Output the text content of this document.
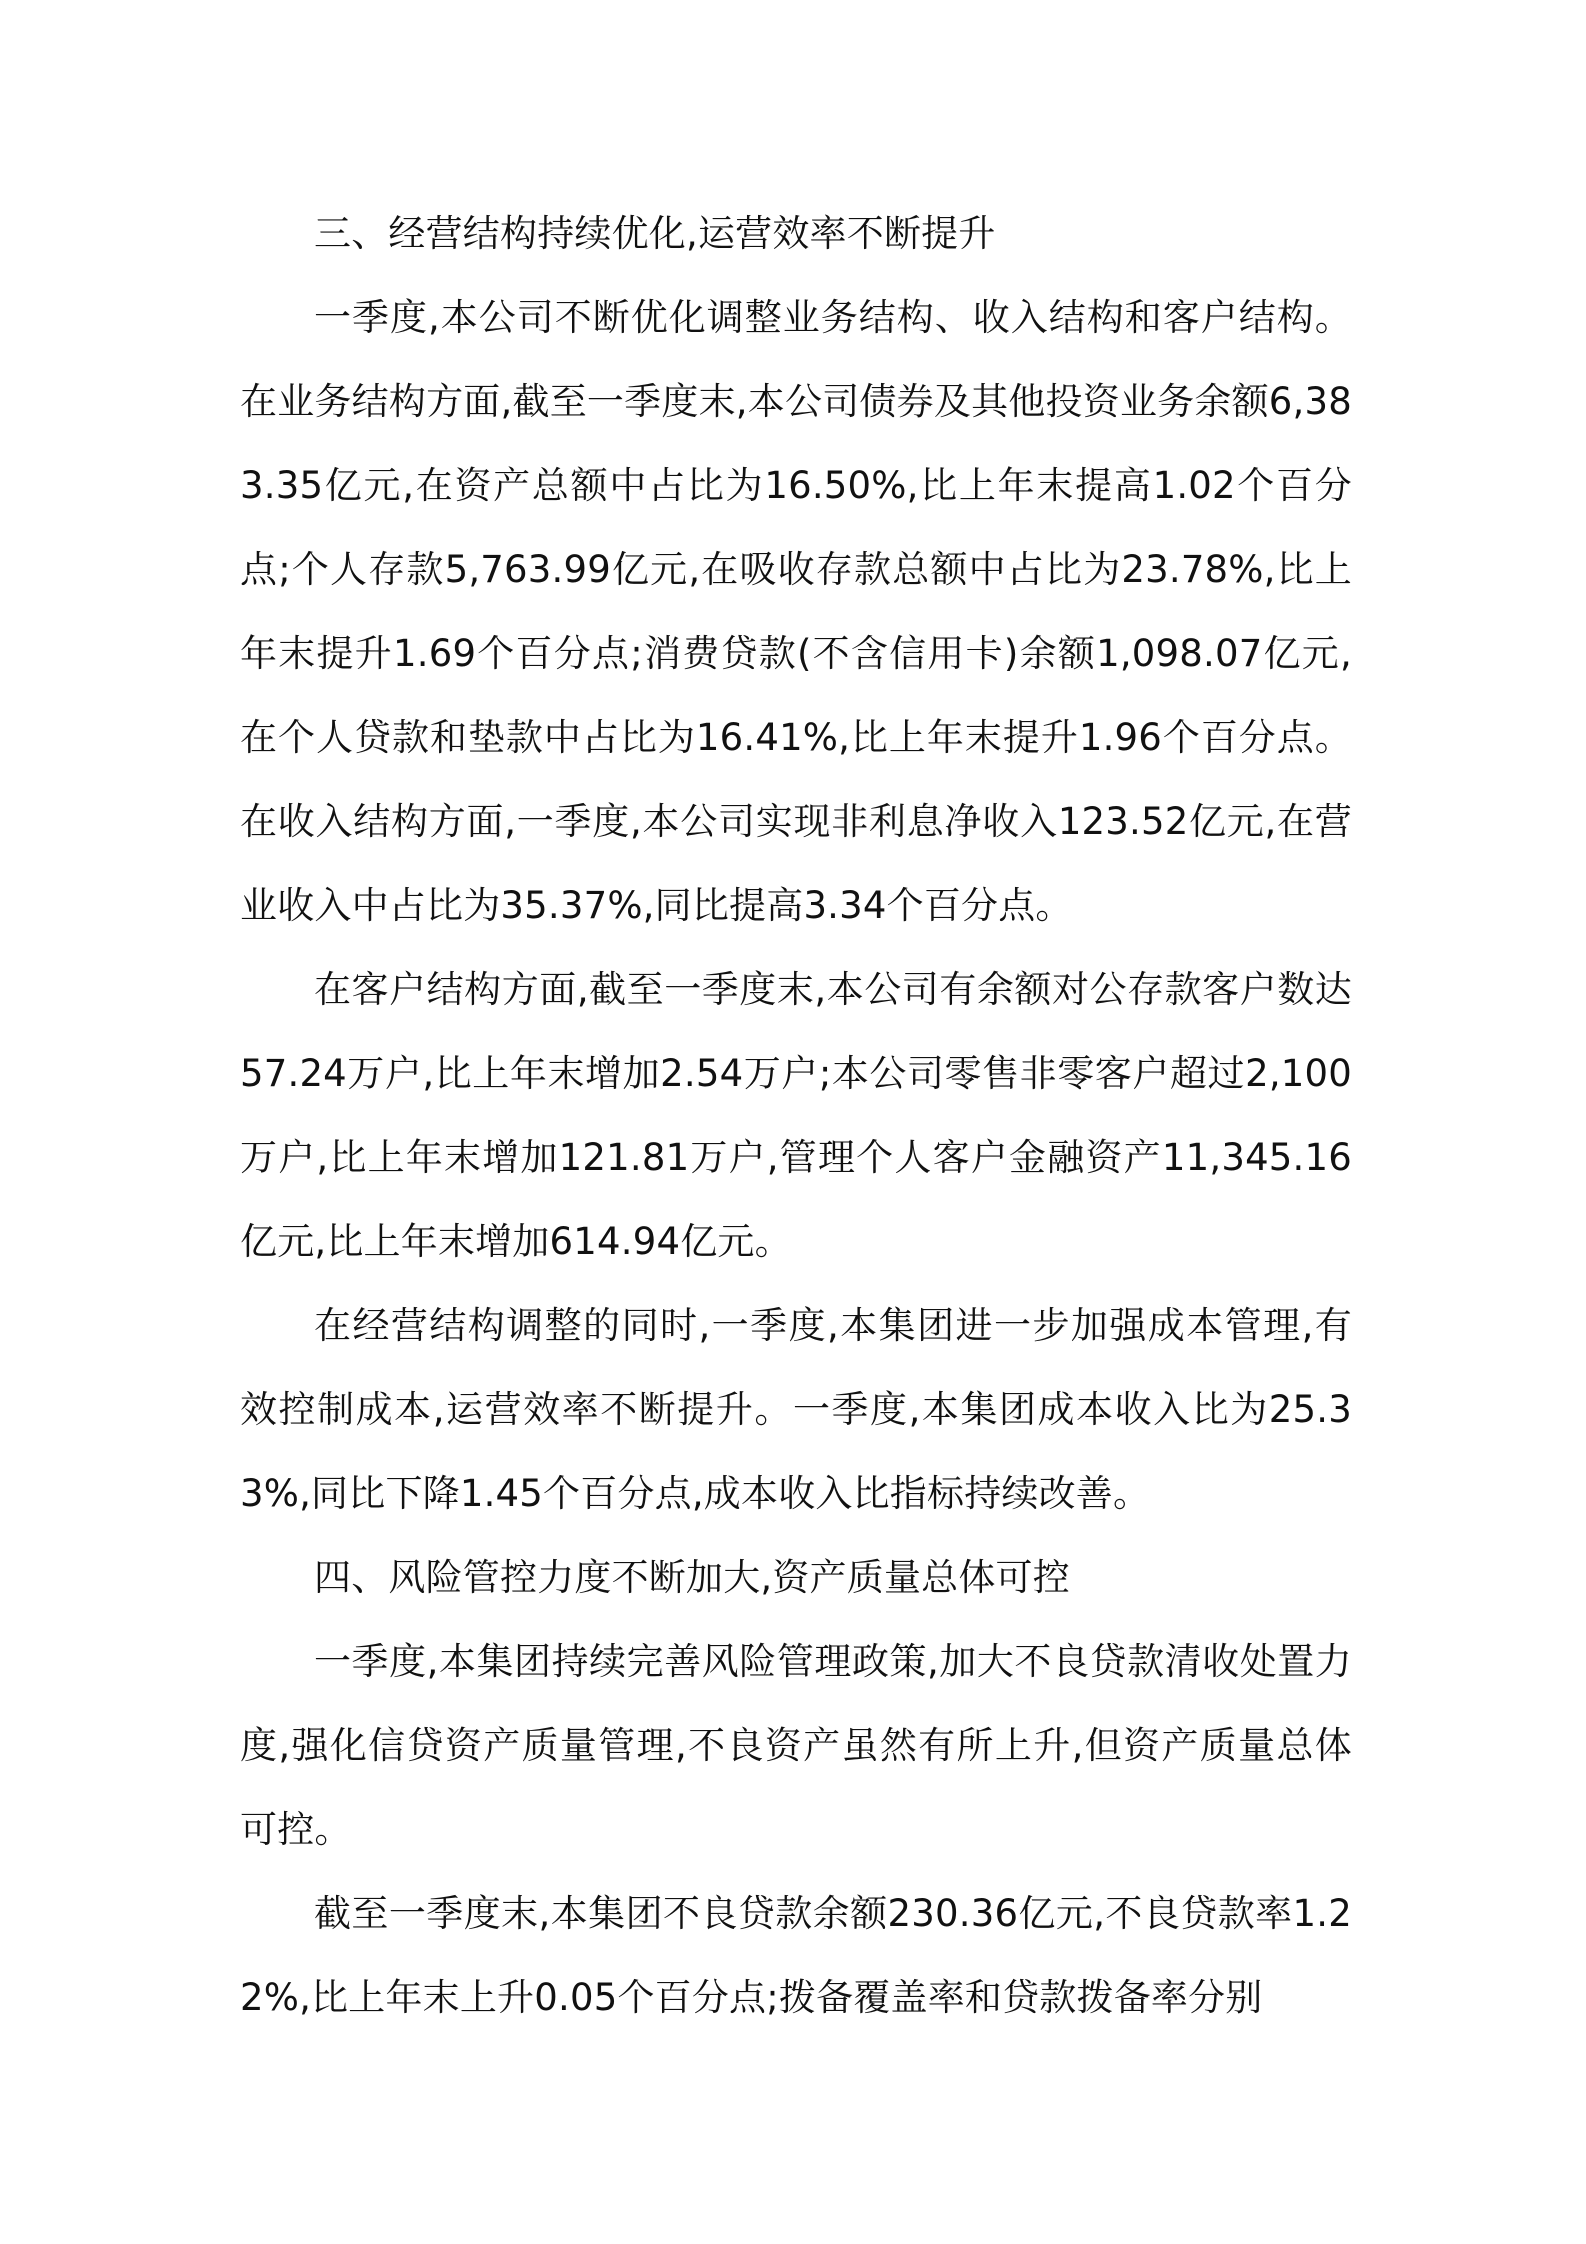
三、经营结构持续优化,运营效率不断提升

一季度,本公司不断优化调整业务结构、收入结构和客户结构。在业务结构方面,截至一季度末,本公司债券及其他投资业务余额6,383.35亿元,在资产总额中占比为16.50%,比上年末提高1.02个百分点;个人存款5,763.99亿元,在吸收存款总额中占比为23.78%,比上年末提升1.69个百分点;消费贷款(不含信用卡)余额1,098.07亿元,在个人贷款和垫款中占比为16.41%,比上年末提升1.96个百分点。在收入结构方面,一季度,本公司实现非利息净收入123.52亿元,在营业收入中占比为35.37%,同比提高3.34个百分点。

在客户结构方面,截至一季度末,本公司有余额对公存款客户数达57.24万户,比上年末增加2.54万户;本公司零售非零客户超过2,100万户,比上年末增加121.81万户,管理个人客户金融资产11,345.16亿元,比上年末增加614.94亿元。

在经营结构调整的同时,一季度,本集团进一步加强成本管理,有效控制成本,运营效率不断提升。一季度,本集团成本收入比为25.33%,同比下降1.45个百分点,成本收入比指标持续改善。

四、风险管控力度不断加大,资产质量总体可控

一季度,本集团持续完善风险管理政策,加大不良贷款清收处置力度,强化信贷资产质量管理,不良资产虽然有所上升,但资产质量总体可控。

截至一季度末,本集团不良贷款余额230.36亿元,不良贷款率1.22%,比上年末上升0.05个百分点;拨备覆盖率和贷款拨备率分别
